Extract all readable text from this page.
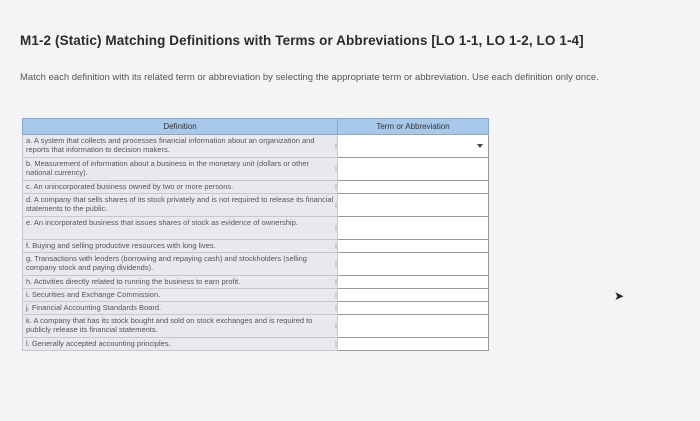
M1-2 (Static) Matching Definitions with Terms or Abbreviations [LO 1-1, LO 1-2, LO 1-4]
Match each definition with its related term or abbreviation by selecting the appropriate term or abbreviation. Use each definition only once.
Definition	Term or Abbreviation
a. A system that collects and processes financial information about an organization and reports that information to decision makers.	

b. Measurement of information about a business in the monetary unit (dollars or other national currency).	

c. An unincorporated business owned by two or more persons.	

d. A company that sells shares of its stock privately and is not required to release its financial statements to the public.	

e. An incorporated business that issues shares of stock as evidence of ownership.	

f. Buying and selling productive resources with long lives.	

g. Transactions with lenders (borrowing and repaying cash) and stockholders (selling company stock and paying dividends).	

h. Activities directly related to running the business to earn profit.	

i. Securities and Exchange Commission.	

j. Financial Accounting Standards Board.	

k. A company that has its stock bought and sold on stock exchanges and is required to publicly release its financial statements.	

l. Generally accepted accounting principles.	
➤
